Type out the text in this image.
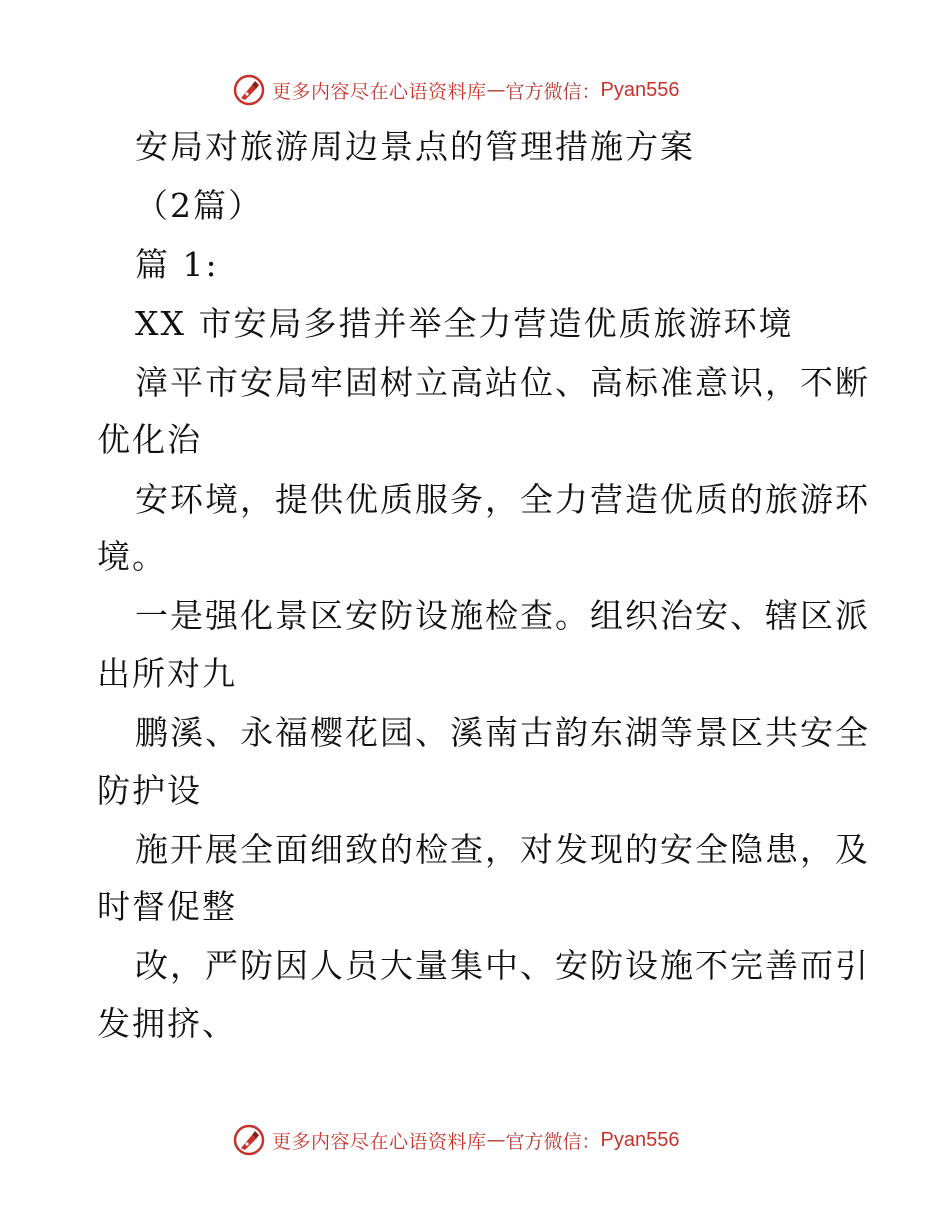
更多内容尽在心语资料库 — 官方微信： Pyan556
安局对旅游周边景点的管理措施方案
（2篇）
篇 1:
XX 市安局多措并举全力营造优质旅游环境
漳平市安局牢固树立高站位、高标准意识，不断
优化治
安环境，提供优质服务，全力营造优质的旅游环
境。
一是强化景区安防设施检查。组织治安、辖区派
出所对九
鹏溪、永福樱花园、溪南古韵东湖等景区共安全
防护设
施开展全面细致的检查，对发现的安全隐患，及
时督促整
改，严防因人员大量集中、安防设施不完善而引
发拥挤、
更多内容尽在心语资料库 — 官方微信： Pyan556
